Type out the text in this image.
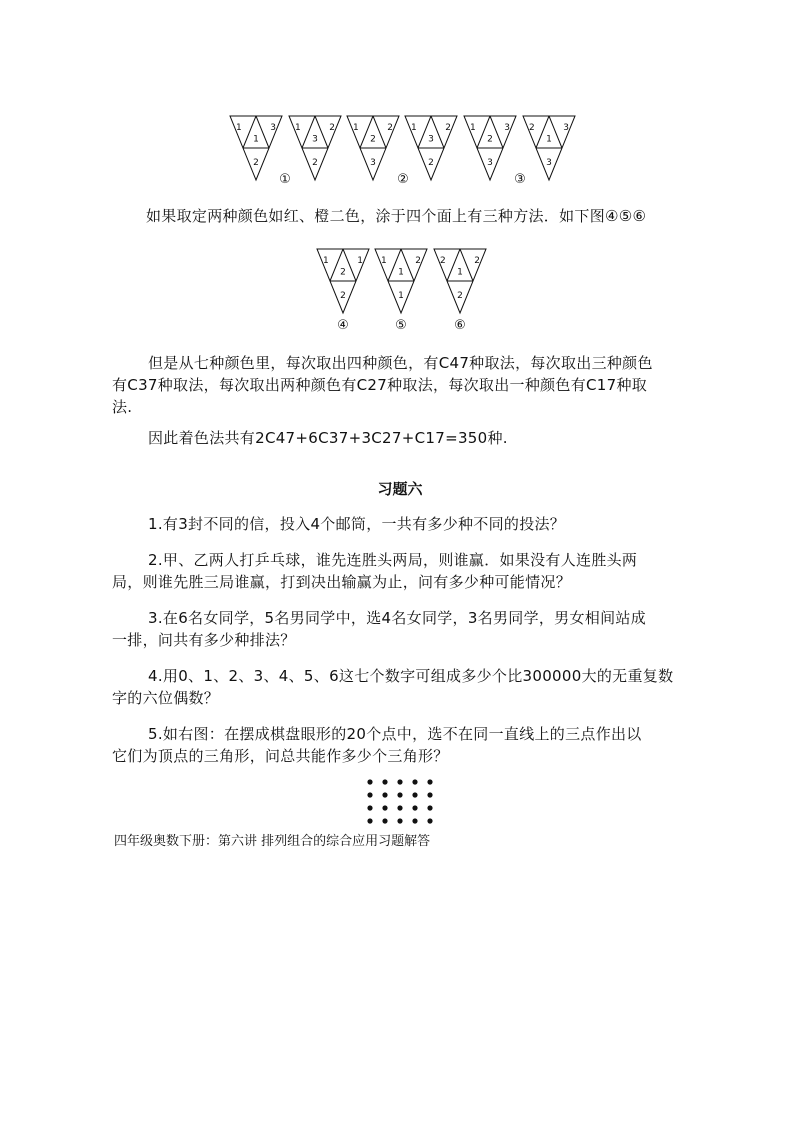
1	3
1
2
1	2
3
2
1	2
2
3
1	2
3
2
1	3
2
3
2	3
1
3
①	②	③
如果取定两种颜色如红、橙二色，涂于四个面上有三种方法．如下图④⑤⑥
1	1
2
2
1	2
1
1
2	2
1
2
④	⑤	⑥
但是从七种颜色里，每次取出四种颜色，有C47种取法，每次取出三种颜色
有C37种取法，每次取出两种颜色有C27种取法，每次取出一种颜色有C17种取
法.
因此着色法共有2C47+6C37+3C27+C17=350种.
习题六
1.有3封不同的信，投入4个邮筒，一共有多少种不同的投法？
2.甲、乙两人打乒乓球，谁先连胜头两局，则谁赢．如果没有人连胜头两
局，则谁先胜三局谁赢，打到决出输赢为止，问有多少种可能情况？
3.在6名女同学，5名男同学中，选4名女同学，3名男同学，男女相间站成
一排，问共有多少种排法？
4.用0、1、2、3、4、5、6这七个数字可组成多少个比300000大的无重复数
字的六位偶数？
5.如右图：在摆成棋盘眼形的20个点中，选不在同一直线上的三点作出以
它们为顶点的三角形，问总共能作多少个三角形？
四年级奥数下册：第六讲 排列组合的综合应用习题解答
